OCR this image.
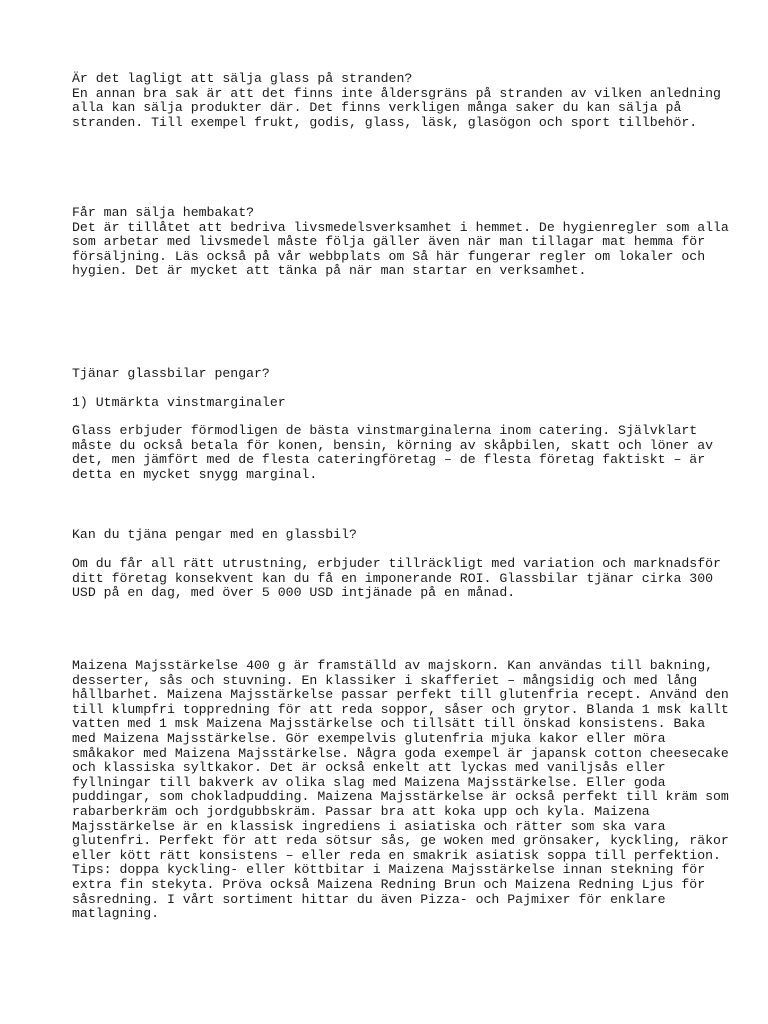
Är det lagligt att sälja glass på stranden?

En annan bra sak är att det finns inte åldersgräns på stranden av vilken anledning
alla kan sälja produkter där. Det finns verkligen många saker du kan sälja på
stranden. Till exempel frukt, godis, glass, läsk, glasögon och sport tillbehör.

Får man sälja hembakat?

Det är tillåtet att bedriva livsmedelsverksamhet i hemmet. De hygienregler som alla
som arbetar med livsmedel måste följa gäller även när man tillagar mat hemma för
försäljning. Läs också på vår webbplats om Så här fungerar regler om lokaler och
hygien. Det är mycket att tänka på när man startar en verksamhet.

Tjänar glassbilar pengar?

1) Utmärkta vinstmarginaler

Glass erbjuder förmodligen de bästa vinstmarginalerna inom catering. Självklart
måste du också betala för konen, bensin, körning av skåpbilen, skatt och löner av
det, men jämfört med de flesta cateringföretag – de flesta företag faktiskt – är
detta en mycket snygg marginal.

Kan du tjäna pengar med en glassbil?

Om du får all rätt utrustning, erbjuder tillräckligt med variation och marknadsför
ditt företag konsekvent kan du få en imponerande ROI. Glassbilar tjänar cirka 300
USD på en dag, med över 5 000 USD intjänade på en månad.

Maizena Majsstärkelse 400 g är framställd av majskorn. Kan användas till bakning,
desserter, sås och stuvning. En klassiker i skafferiet – mångsidig och med lång
hållbarhet. Maizena Majsstärkelse passar perfekt till glutenfria recept. Använd den
till klumpfri toppredning för att reda soppor, såser och grytor. Blanda 1 msk kallt
vatten med 1 msk Maizena Majsstärkelse och tillsätt till önskad konsistens. Baka
med Maizena Majsstärkelse. Gör exempelvis glutenfria mjuka kakor eller möra
småkakor med Maizena Majsstärkelse. Några goda exempel är japansk cotton cheesecake
och klassiska syltkakor. Det är också enkelt att lyckas med vaniljsås eller
fyllningar till bakverk av olika slag med Maizena Majsstärkelse. Eller goda
puddingar, som chokladpudding. Maizena Majsstärkelse är också perfekt till kräm som
rabarberkräm och jordgubbskräm. Passar bra att koka upp och kyla. Maizena
Majsstärkelse är en klassisk ingrediens i asiatiska och rätter som ska vara
glutenfri. Perfekt för att reda sötsur sås, ge woken med grönsaker, kyckling, räkor
eller kött rätt konsistens – eller reda en smakrik asiatisk soppa till perfektion.
Tips: doppa kyckling- eller köttbitar i Maizena Majsstärkelse innan stekning för
extra fin stekyta. Pröva också Maizena Redning Brun och Maizena Redning Ljus för
såsredning. I vårt sortiment hittar du även Pizza- och Pajmixer för enklare
matlagning.
